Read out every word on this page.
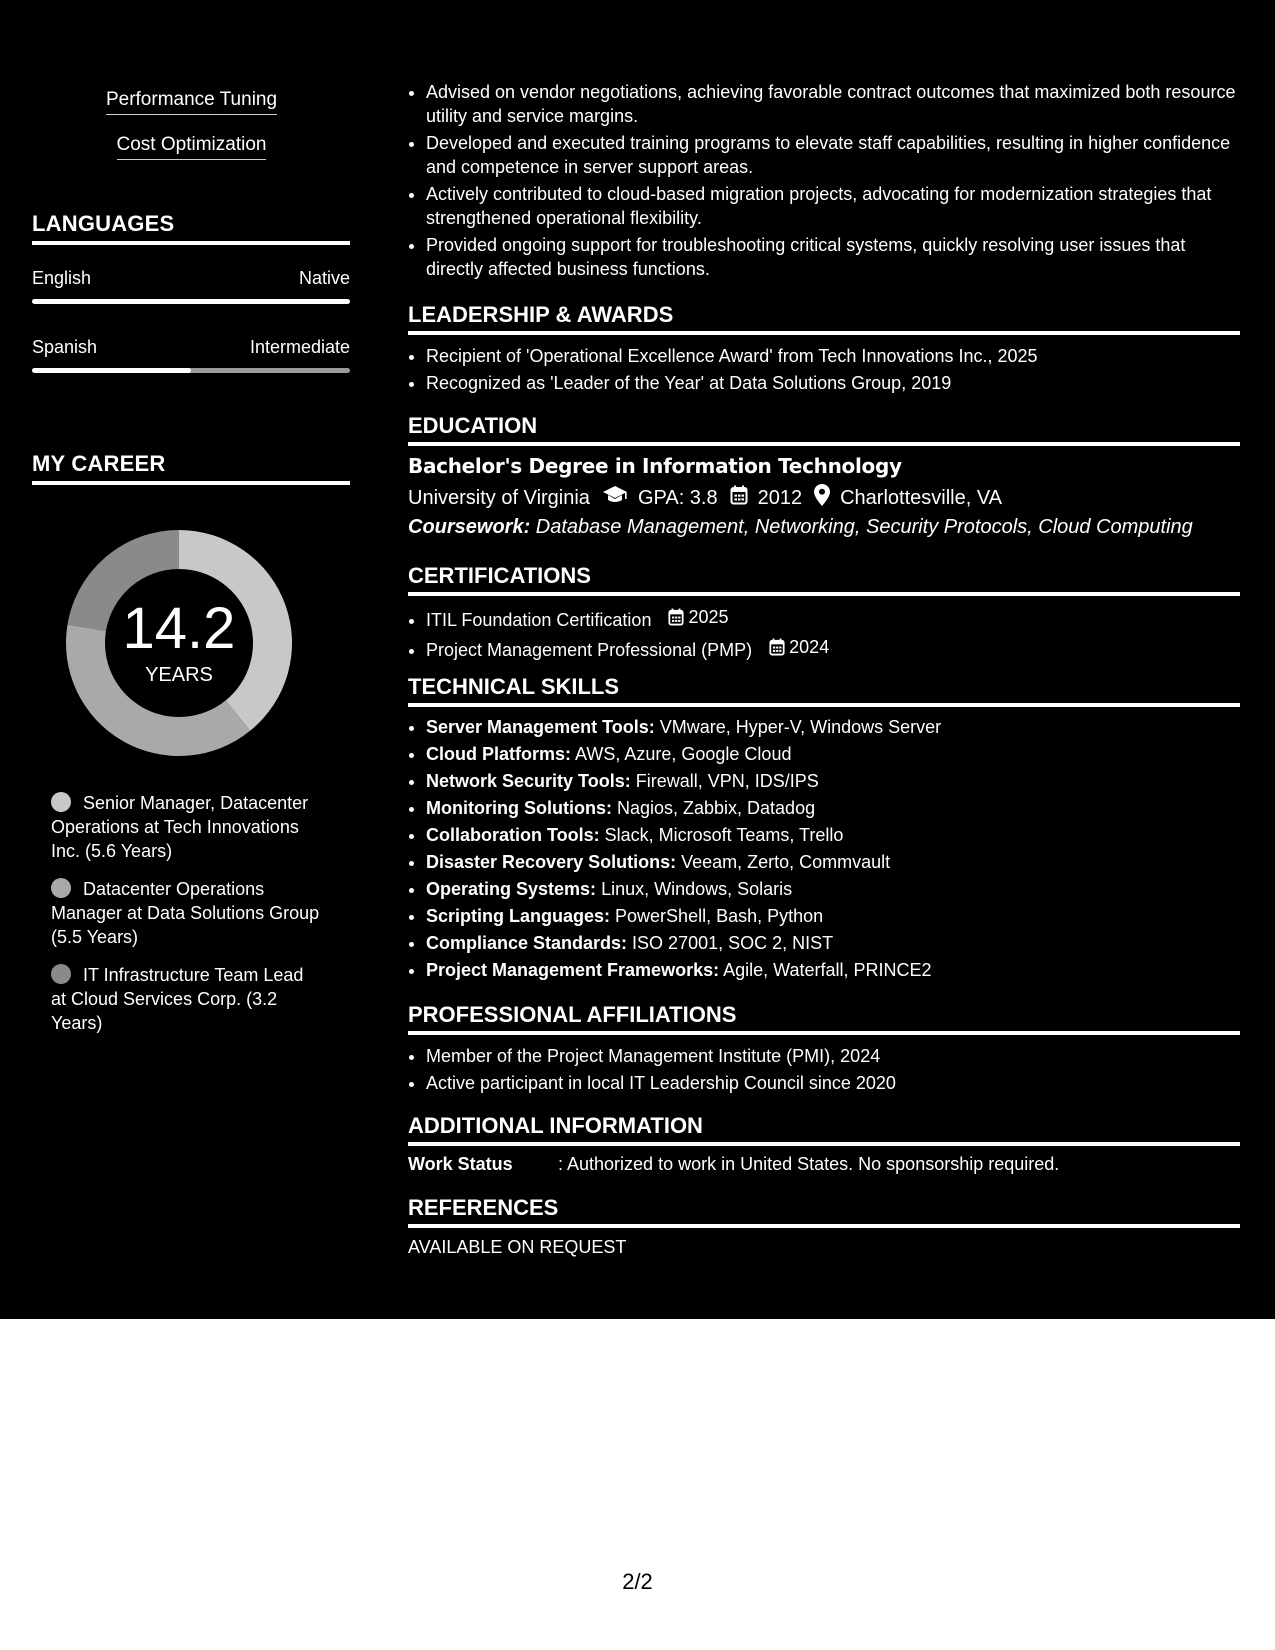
Performance Tuning
Cost Optimization
LANGUAGES
English	Native
Spanish	Intermediate
MY CAREER
14.2
YEARS
Senior Manager, Datacenter Operations at Tech Innovations Inc. (5.6 Years)
Datacenter Operations Manager at Data Solutions Group (5.5 Years)
IT Infrastructure Team Lead at Cloud Services Corp. (3.2 Years)
• Advised on vendor negotiations, achieving favorable contract outcomes that maximized both resource utility and service margins.
• Developed and executed training programs to elevate staff capabilities, resulting in higher confidence and competence in server support areas.
• Actively contributed to cloud-based migration projects, advocating for modernization strategies that strengthened operational flexibility.
• Provided ongoing support for troubleshooting critical systems, quickly resolving user issues that directly affected business functions.
LEADERSHIP & AWARDS
• Recipient of 'Operational Excellence Award' from Tech Innovations Inc., 2025
• Recognized as 'Leader of the Year' at Data Solutions Group, 2019
EDUCATION
Bachelor's Degree in Information Technology
University of Virginia GPA: 3.8 2012 Charlottesville, VA
Coursework: Database Management, Networking, Security Protocols, Cloud Computing
CERTIFICATIONS
• ITIL Foundation Certification 2025
• Project Management Professional (PMP) 2024
TECHNICAL SKILLS
• Server Management Tools: VMware, Hyper-V, Windows Server
• Cloud Platforms: AWS, Azure, Google Cloud
• Network Security Tools: Firewall, VPN, IDS/IPS
• Monitoring Solutions: Nagios, Zabbix, Datadog
• Collaboration Tools: Slack, Microsoft Teams, Trello
• Disaster Recovery Solutions: Veeam, Zerto, Commvault
• Operating Systems: Linux, Windows, Solaris
• Scripting Languages: PowerShell, Bash, Python
• Compliance Standards: ISO 27001, SOC 2, NIST
• Project Management Frameworks: Agile, Waterfall, PRINCE2
PROFESSIONAL AFFILIATIONS
• Member of the Project Management Institute (PMI), 2024
• Active participant in local IT Leadership Council since 2020
ADDITIONAL INFORMATION
Work Status	: Authorized to work in United States. No sponsorship required.
REFERENCES
AVAILABLE ON REQUEST
2/2
